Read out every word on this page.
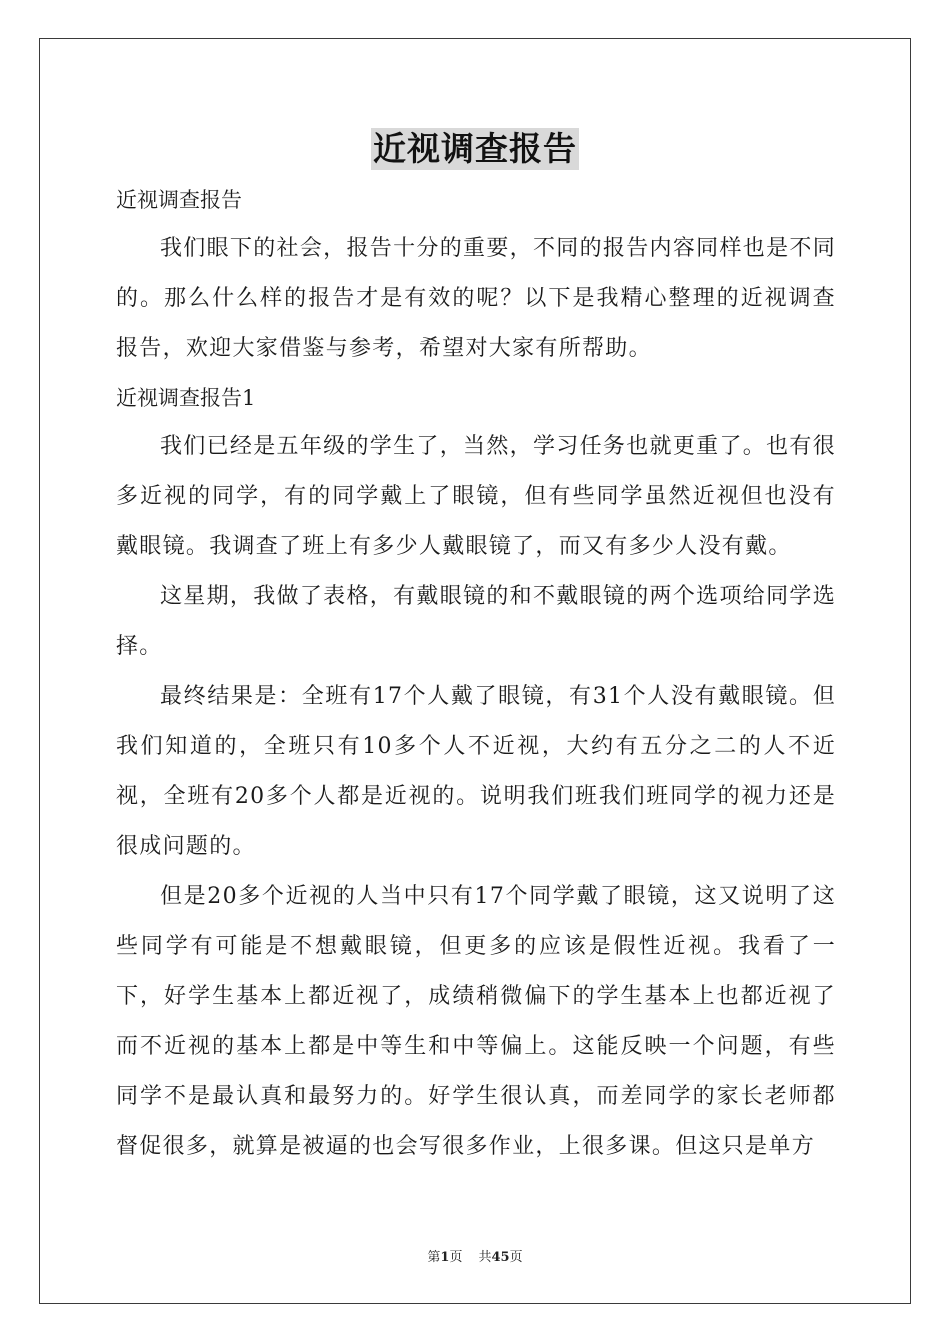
近视调查报告

近视调查报告

我们眼下的社会，报告十分的重要，不同的报告内容同样也是不同的。那么什么样的报告才是有效的呢？以下是我精心整理的近视调查报告，欢迎大家借鉴与参考，希望对大家有所帮助。

近视调查报告1

我们已经是五年级的学生了，当然，学习任务也就更重了。也有很多近视的同学，有的同学戴上了眼镜，但有些同学虽然近视但也没有戴眼镜。我调查了班上有多少人戴眼镜了，而又有多少人没有戴。

这星期，我做了表格，有戴眼镜的和不戴眼镜的两个选项给同学选择。

最终结果是：全班有17个人戴了眼镜，有31个人没有戴眼镜。但我们知道的，全班只有10多个人不近视，大约有五分之二的人不近视，全班有20多个人都是近视的。说明我们班我们班同学的视力还是很成问题的。

但是20多个近视的人当中只有17个同学戴了眼镜，这又说明了这些同学有可能是不想戴眼镜，但更多的应该是假性近视。我看了一下，好学生基本上都近视了，成绩稍微偏下的学生基本上也都近视了而不近视的基本上都是中等生和中等偏上。这能反映一个问题，有些同学不是最认真和最努力的。好学生很认真，而差同学的家长老师都督促很多，就算是被逼的也会写很多作业，上很多课。但这只是单方

第1页 共45页
